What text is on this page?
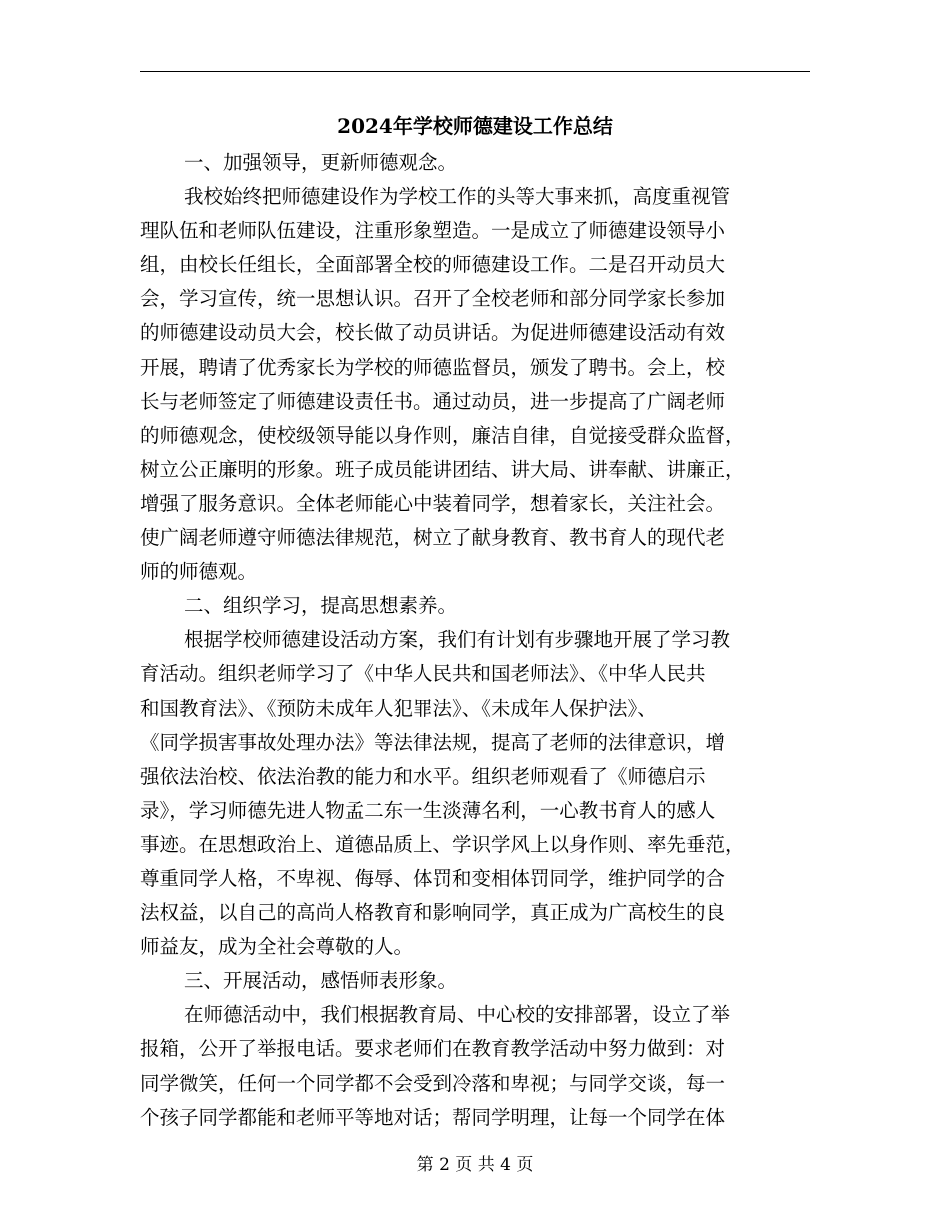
2024年学校师德建设工作总结
一、加强领导，更新师德观念。
我校始终把师德建设作为学校工作的头等大事来抓，高度重视管
理队伍和老师队伍建设，注重形象塑造。一是成立了师德建设领导小
组，由校长任组长，全面部署全校的师德建设工作。二是召开动员大
会，学习宣传，统一思想认识。召开了全校老师和部分同学家长参加
的师德建设动员大会，校长做了动员讲话。为促进师德建设活动有效
开展，聘请了优秀家长为学校的师德监督员，颁发了聘书。会上，校
长与老师签定了师德建设责任书。通过动员，进一步提高了广阔老师
的师德观念，使校级领导能以身作则，廉洁自律，自觉接受群众监督，
树立公正廉明的形象。班子成员能讲团结、讲大局、讲奉献、讲廉正，
增强了服务意识。全体老师能心中装着同学，想着家长，关注社会。
使广阔老师遵守师德法律规范，树立了献身教育、教书育人的现代老
师的师德观。
二、组织学习，提高思想素养。
根据学校师德建设活动方案，我们有计划有步骤地开展了学习教
育活动。组织老师学习了《中华人民共和国老师法》、《中华人民共
和国教育法》、《预防未成年人犯罪法》、《未成年人保护法》、
《同学损害事故处理办法》等法律法规，提高了老师的法律意识，增
强依法治校、依法治教的能力和水平。组织老师观看了《师德启示
录》，学习师德先进人物孟二东一生淡薄名利，一心教书育人的感人
事迹。在思想政治上、道德品质上、学识学风上以身作则、率先垂范，
尊重同学人格，不卑视、侮辱、体罚和变相体罚同学，维护同学的合
法权益，以自己的高尚人格教育和影响同学，真正成为广高校生的良
师益友，成为全社会尊敬的人。
三、开展活动，感悟师表形象。
在师德活动中，我们根据教育局、中心校的安排部署，设立了举
报箱，公开了举报电话。要求老师们在教育教学活动中努力做到：对
同学微笑，任何一个同学都不会受到冷落和卑视；与同学交谈，每一
个孩子同学都能和老师平等地对话；帮同学明理，让每一个同学在体
第 2 页 共 4 页
